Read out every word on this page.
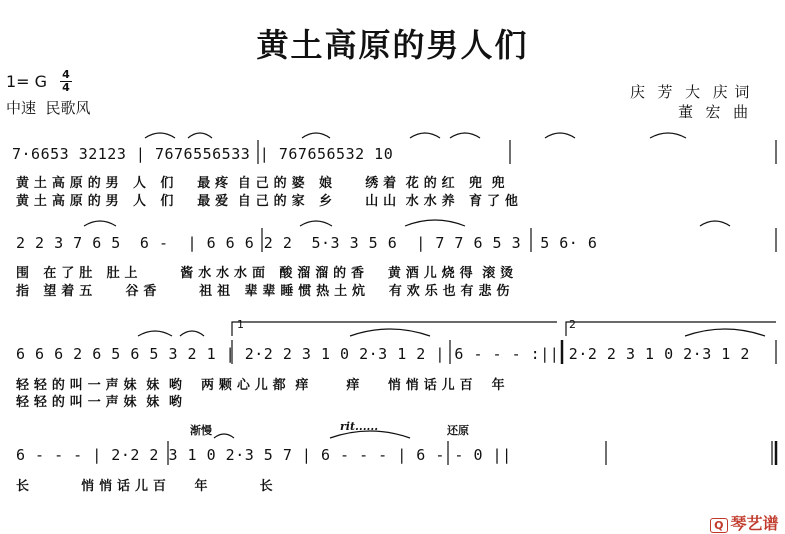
黄土高原的男人们
1= G 4
4
中速  民歌风
庆  芳  大  庆 词
董  宏  曲
7·6653 32123 | 7676556533 | 767656532 10
黄 土 高 原 的 男   人   们     最 疼  自 己 的 婆   娘       绣 着  花 的 红   兜  兜
黄 土 高 原 的 男   人   们     最 爱  自 己 的 家   乡       山 山  水 水 养   育 了 他
2 2 3 7 6 5  6 -  | 6 6 6 2 2  5·3 3 5 6  | 7 7 6 5 3  5 6· 6
围   在 了 肚   肚 上         酱 水 水 水 面   酸 溜 溜 的 香     黄 酒 儿 烧 得  滚 烫
指   望 着 五       谷 香         祖 祖   辈 辈 睡 惯 热 土 炕     有 欢 乐 也 有 悲 伤
1	2
6 6 6 2 6 5 6 5 3 2 1 | 2·2 2 3 1 0 2·3 1 2 | 6 - - - :|| 2·2 2 3 1 0 2·3 1 2
轻 轻 的 叫 一 声 妹  妹  哟    两 颗 心 儿 都  痒        痒      悄 悄 话 儿 百    年
轻 轻 的 叫 一 声 妹  妹  哟
渐慢	rit......	还原
6 - - - | 2·2 2 3 1 0 2·3 5 7 | 6 - - - | 6 - - 0 ||
长           悄 悄 话 儿 百      年           长

Q 琴艺谱
